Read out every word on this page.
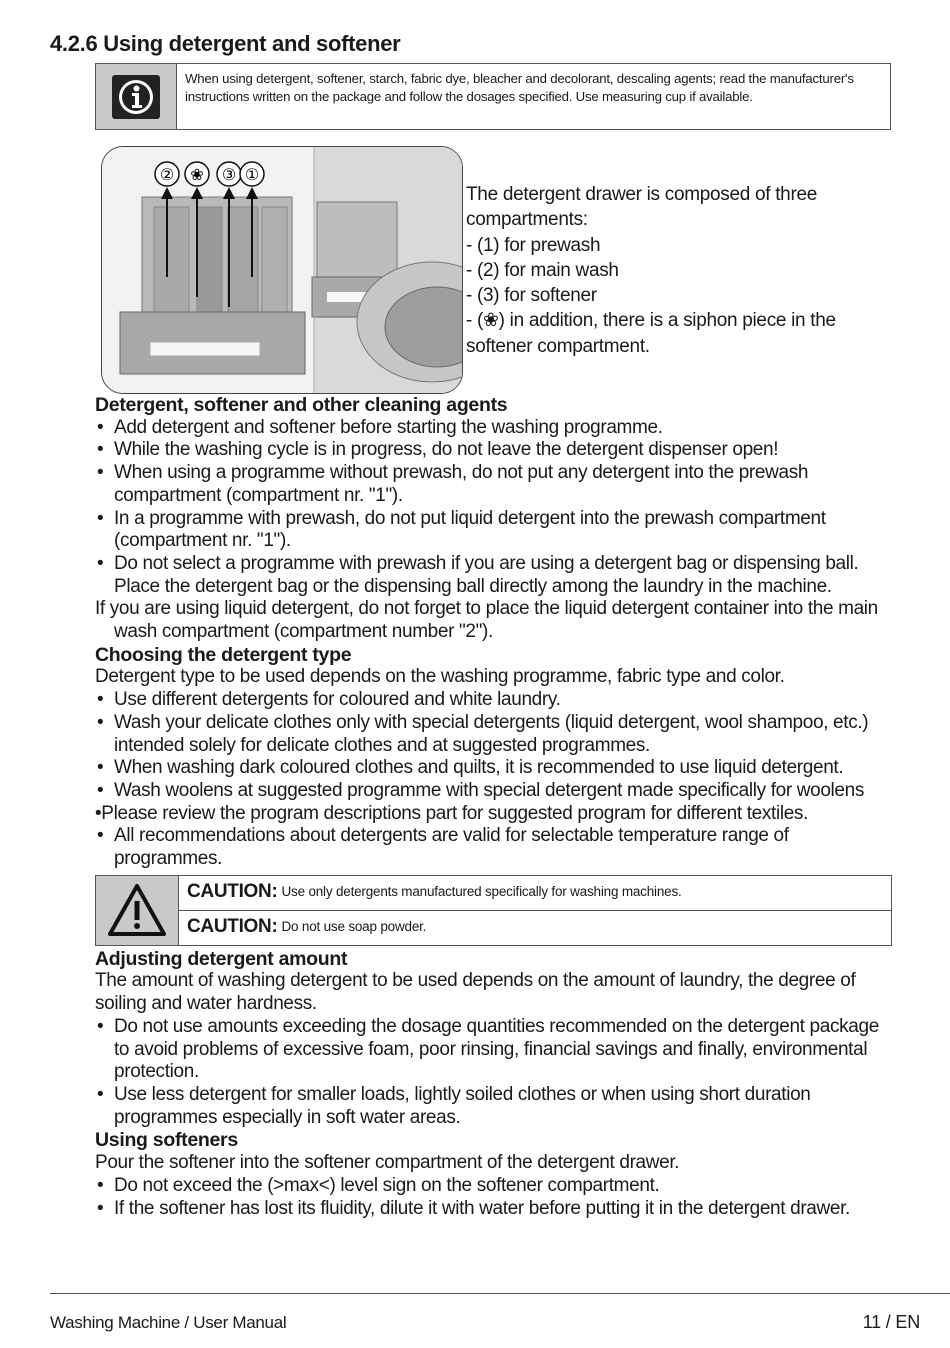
4.2.6 Using detergent and softener
When using detergent, softener, starch, fabric dye, bleacher and decolorant, descaling agents; read the manufacturer's instructions written on the package and follow the dosages specified. Use measuring cup if available.
② ❀ ③ ①
The detergent drawer is composed of three
compartments:
- (1) for prewash
- (2) for main wash
- (3) for softener
- (❀) in addition, there is a siphon piece in the
softener compartment.
Detergent, softener and other cleaning agents
• Add detergent and softener before starting the washing programme.
• While the washing cycle is in progress, do not leave the detergent dispenser open!
• When using a programme without prewash, do not put any detergent into the prewash compartment (compartment nr. "1").
• In a programme with prewash, do not put liquid detergent into the prewash compartment (compartment nr. "1").
• Do not select a programme with prewash if you are using a detergent bag or dispensing ball. Place the detergent bag or the dispensing ball directly among the laundry in the machine.

If you are using liquid detergent, do not forget to place the liquid detergent container into the main wash compartment (compartment number "2").

Choosing the detergent type

Detergent type to be used depends on the washing programme, fabric type and color.

• Use different detergents for coloured and white laundry.
• Wash your delicate clothes only with special detergents (liquid detergent, wool shampoo, etc.) intended solely for delicate clothes and at suggested programmes.
• When washing dark coloured clothes and quilts, it is recommended to use liquid detergent.
• Wash woolens at suggested programme with special detergent made specifically for woolens

•Please review the program descriptions part for suggested program for different textiles.

• All recommendations about detergents are valid for selectable temperature range of programmes.
CAUTION: Use only detergents manufactured specifically for washing machines.
CAUTION: Do not use soap powder.
Adjusting detergent amount

The amount of washing detergent to be used depends on the amount of laundry, the degree of soiling and water hardness.

• Do not use amounts exceeding the dosage quantities recommended on the detergent package to avoid problems of excessive foam, poor rinsing, financial savings and finally, environmental protection.
• Use less detergent for smaller loads, lightly soiled clothes or when using short duration programmes especially in soft water areas.
Using softeners

Pour the softener into the softener compartment of the detergent drawer.

• Do not exceed the (>max<) level sign on the softener compartment.
• If the softener has lost its fluidity, dilute it with water before putting it in the detergent drawer.
Washing Machine / User Manual	11 / EN
